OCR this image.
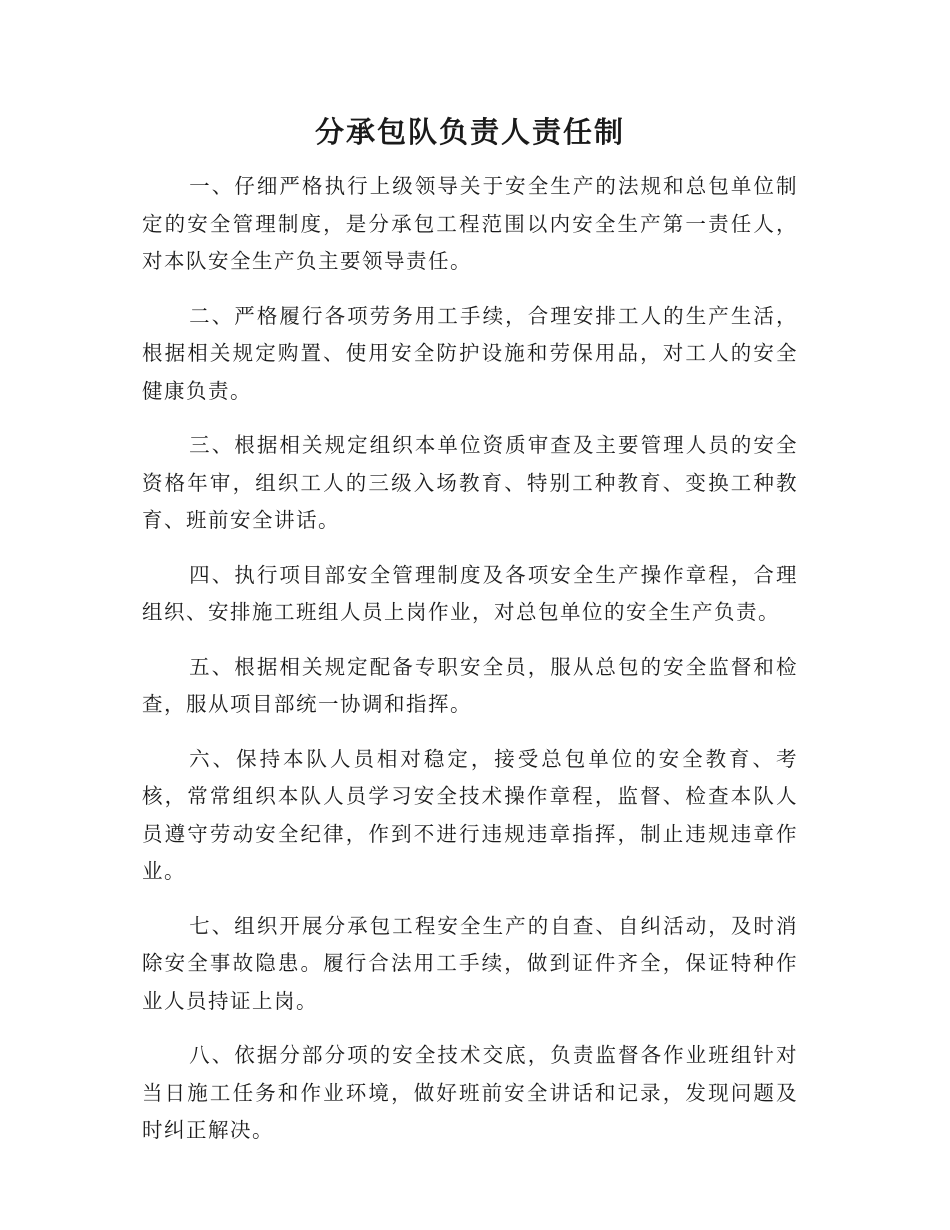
分承包队负责人责任制

一、仔细严格执行上级领导关于安全生产的法规和总包单位制定的安全管理制度，是分承包工程范围以内安全生产第一责任人，对本队安全生产负主要领导责任。

二、严格履行各项劳务用工手续，合理安排工人的生产生活，根据相关规定购置、使用安全防护设施和劳保用品，对工人的安全健康负责。

三、根据相关规定组织本单位资质审查及主要管理人员的安全资格年审，组织工人的三级入场教育、特别工种教育、变换工种教育、班前安全讲话。

四、执行项目部安全管理制度及各项安全生产操作章程，合理组织、安排施工班组人员上岗作业，对总包单位的安全生产负责。

五、根据相关规定配备专职安全员，服从总包的安全监督和检查，服从项目部统一协调和指挥。

六、保持本队人员相对稳定，接受总包单位的安全教育、考核，常常组织本队人员学习安全技术操作章程，监督、检查本队人员遵守劳动安全纪律，作到不进行违规违章指挥，制止违规违章作业。

七、组织开展分承包工程安全生产的自查、自纠活动，及时消除安全事故隐患。履行合法用工手续，做到证件齐全，保证特种作业人员持证上岗。

八、依据分部分项的安全技术交底，负责监督各作业班组针对当日施工任务和作业环境，做好班前安全讲话和记录，发现问题及时纠正解决。
